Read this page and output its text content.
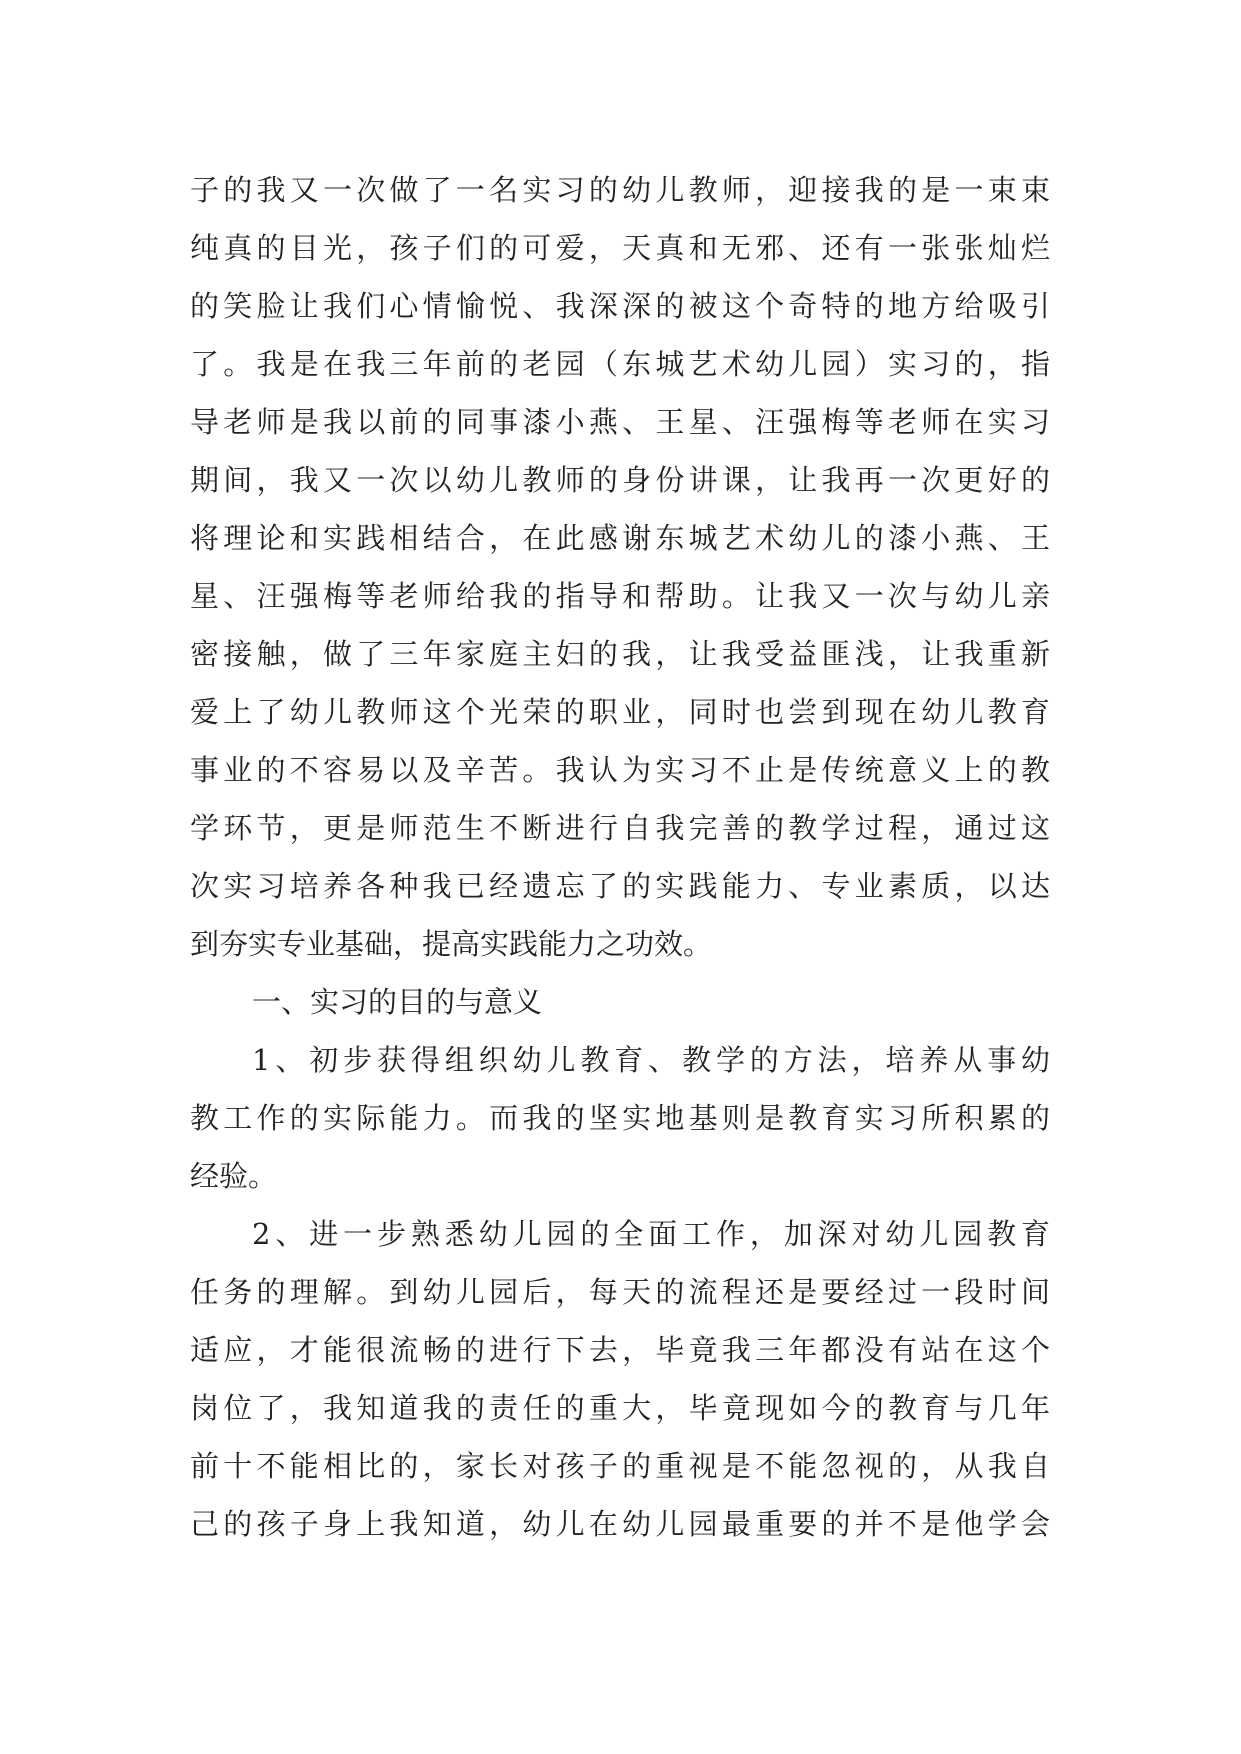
子的我又一次做了一名实习的幼儿教师，迎接我的是一束束
纯真的目光，孩子们的可爱，天真和无邪、还有一张张灿烂
的笑脸让我们心情愉悦、我深深的被这个奇特的地方给吸引
了。我是在我三年前的老园（东城艺术幼儿园）实习的，指
导老师是我以前的同事漆小燕、王星、汪强梅等老师在实习
期间，我又一次以幼儿教师的身份讲课，让我再一次更好的
将理论和实践相结合，在此感谢东城艺术幼儿的漆小燕、王
星、汪强梅等老师给我的指导和帮助。让我又一次与幼儿亲
密接触，做了三年家庭主妇的我，让我受益匪浅，让我重新
爱上了幼儿教师这个光荣的职业，同时也尝到现在幼儿教育
事业的不容易以及辛苦。我认为实习不止是传统意义上的教
学环节，更是师范生不断进行自我完善的教学过程，通过这
次实习培养各种我已经遗忘了的实践能力、专业素质，以达
到夯实专业基础，提高实践能力之功效。
一、实习的目的与意义
1、初步获得组织幼儿教育、教学的方法，培养从事幼
教工作的实际能力。而我的坚实地基则是教育实习所积累的
经验。
2、进一步熟悉幼儿园的全面工作，加深对幼儿园教育
任务的理解。到幼儿园后，每天的流程还是要经过一段时间
适应，才能很流畅的进行下去，毕竟我三年都没有站在这个
岗位了，我知道我的责任的重大，毕竟现如今的教育与几年
前十不能相比的，家长对孩子的重视是不能忽视的，从我自
己的孩子身上我知道，幼儿在幼儿园最重要的并不是他学会
